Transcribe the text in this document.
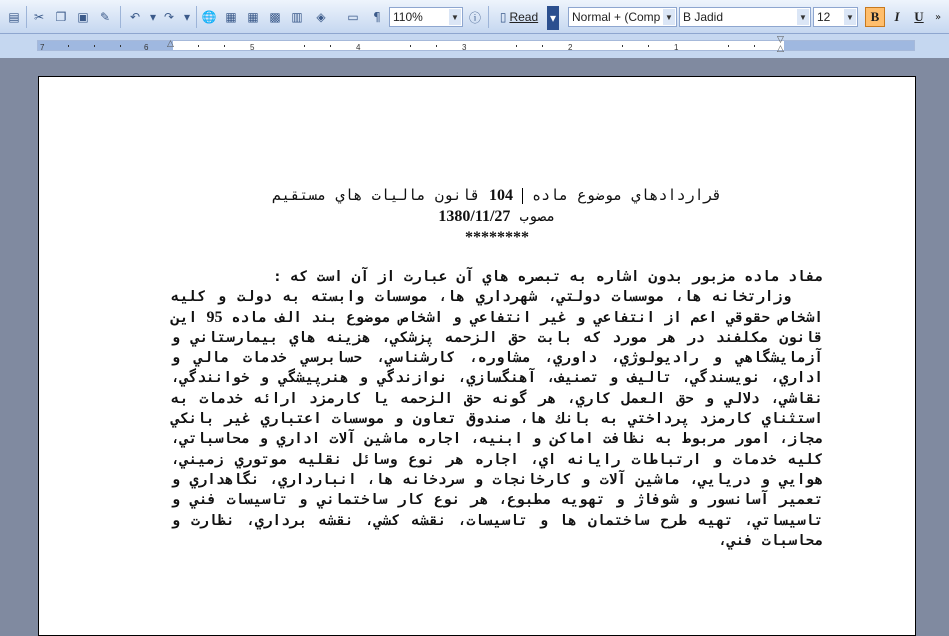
▤	✂ ❐ ▣ ✎	↶ ▾ ↷ ▾ 🌐 ▦ ▦ ▩ ▥	◈	▭	¶	110%	▼ ⓘ ▯ Read ▾ Normal + (Comp ▼ B Jadid	▼ 12 ▼	B	I	U	»
7	6	5	4	3	2	1
△	▽
△
قراردادهاي موضوع ماده  104 قانون ماليات هاي مستقيم
مصوب 1380/11/27
********

مفاد ماده مزبور بدون اشاره به تبصره هاي آن عبارت از آن است كه :

وزارتخانه ها، موسسات دولتي، شهرداري ها، موسسات وابسته به دولت و كليه اشخاص حقوقي اعم از انتفاعي و غير انتفاعي و اشخاص موضوع بند الف ماده 95 اين قانون مكلفند در هر مورد كه بابت حق الزحمه پزشكي، هزينه هاي بيمارستاني و آزمايشگاهي و راديولوژي، داوري، مشاوره، كارشناسي، حسابرسي خدمات مالي و اداري، نويسندگي، تاليف و تصنيف، آهنگسازي، نوازندگي و هنرپيشگي و خوانندگي، نقاشي، دلالي و حق العمل كاري، هر گونه حق الزحمه يا كارمزد ارائه خدمات به استثناي كارمزد پرداختي به بانك ها، صندوق تعاون و موسسات اعتباري غير بانكي مجاز، امور مربوط به نظافت اماكن و ابنيه، اجاره ماشين آلات اداري و محاسباتي، كليه خدمات و ارتباطات رايانه اي، اجاره هر نوع وسائل نقليه موتوري زميني، هوايي و دريايي، ماشين آلات و كارخانجات و سردخانه ها، انبارداري، نگاهداري و تعمير آسانسور و شوفاژ و تهويه مطبوع، هر نوع كار ساختماني و تاسيسات فني و تاسيساتي، تهيه طرح ساختمان ها و تاسيسات، نقشه كشي، نقشه برداري، نظارت و محاسبات فني،
